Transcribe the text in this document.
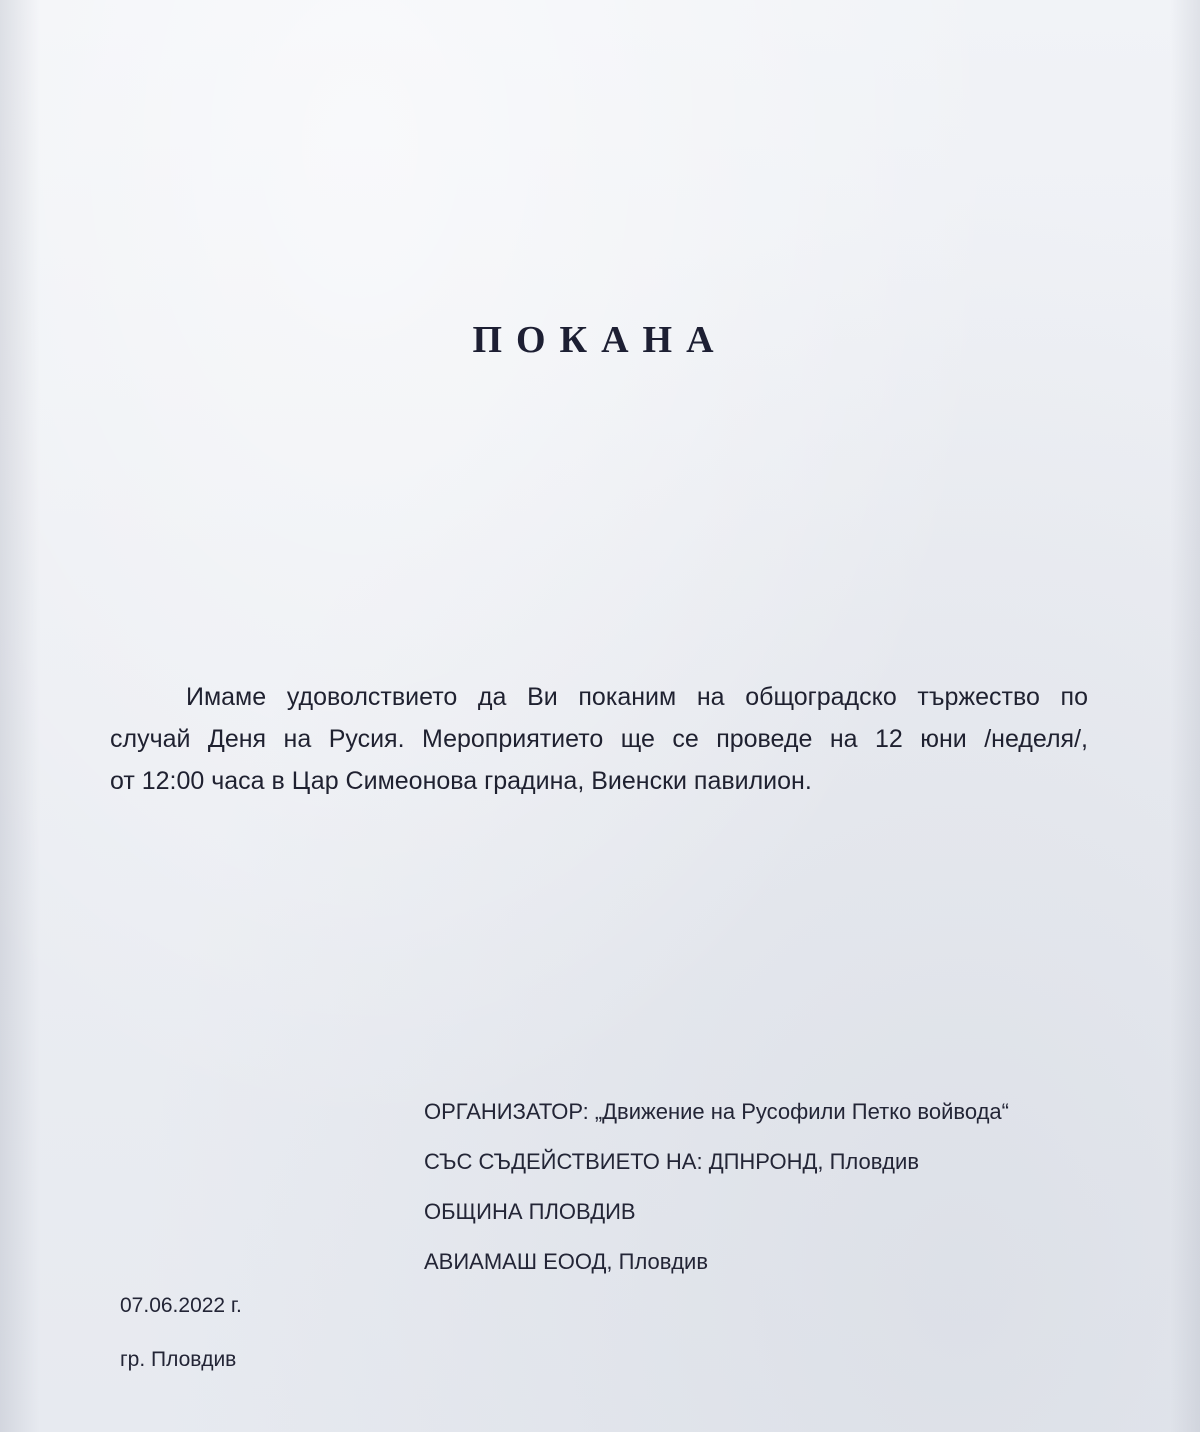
ПОКАНА
Имаме удоволствието да Ви поканим на общоградско тържество по
случай Деня на Русия. Мероприятието ще се проведе на 12 юни /неделя/,
от 12:00 часа в Цар Симеонова градина, Виенски павилион.
ОРГАНИЗАТОР: „Движение на Русофили Петко войвода“
СЪС СЪДЕЙСТВИЕТО НА: ДПНРОНД, Пловдив
ОБЩИНА ПЛОВДИВ
АВИАМАШ ЕООД, Пловдив
07.06.2022 г.
гр. Пловдив
